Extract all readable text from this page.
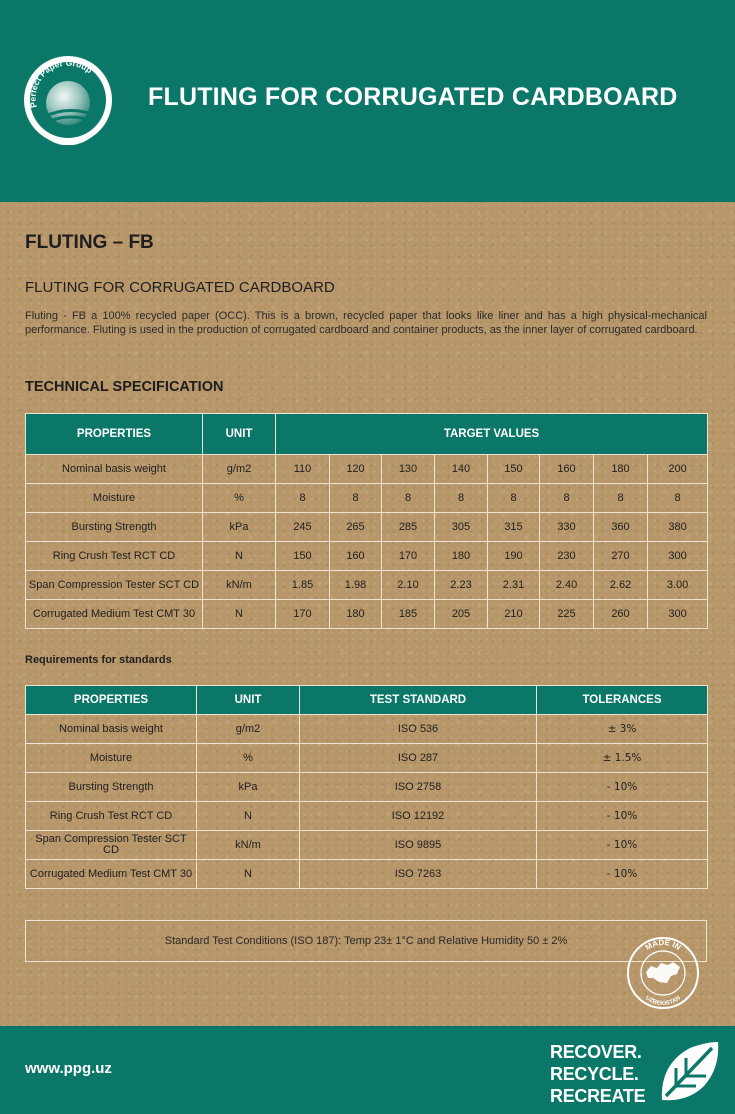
Perfect Paper Group
FLUTING FOR CORRUGATED CARDBOARD
FLUTING – FB
FLUTING FOR CORRUGATED CARDBOARD
Fluting - FB a 100% recycled paper (OCC). This is a brown, recycled paper that looks like liner and has a high physical-mechanical performance. Fluting is used in the production of corrugated cardboard and container products, as the inner layer of corrugated cardboard.
TECHNICAL SPECIFICATION
PROPERTIES	UNIT	TARGET VALUES							
Nominal basis weight	g/m2	110	120	130	140	150	160	180	200
Moisture	%	8	8	8	8	8	8	8	8
Bursting Strength	kPa	245	265	285	305	315	330	360	380
Ring Crush Test RCT CD	N	150	160	170	180	190	230	270	300
Span Compression Tester SCT CD	kN/m	1.85	1.98	2.10	2.23	2.31	2.40	2.62	3.00
Corrugated Medium Test CMT 30	N	170	180	185	205	210	225	260	300
Requirements for standards
PROPERTIES	UNIT	TEST STANDARD	TOLERANCES
Nominal basis weight	g/m2	ISO 536	± 3%
Moisture	%	ISO 287	± 1.5%
Bursting Strength	kPa	ISO 2758	- 10%
Ring Crush Test RCT CD	N	ISO 12192	- 10%
Span Compression Tester SCT CD	kN/m	ISO 9895	- 10%
Corrugated Medium Test CMT 30	N	ISO 7263	- 10%
Standard Test Conditions (ISO 187): Temp 23± 1°C and Relative Humidity 50 ± 2%	MADE IN
UZBEKISTAN
www.ppg.uz
RECOVER.
RECYCLE.
RECREATE
